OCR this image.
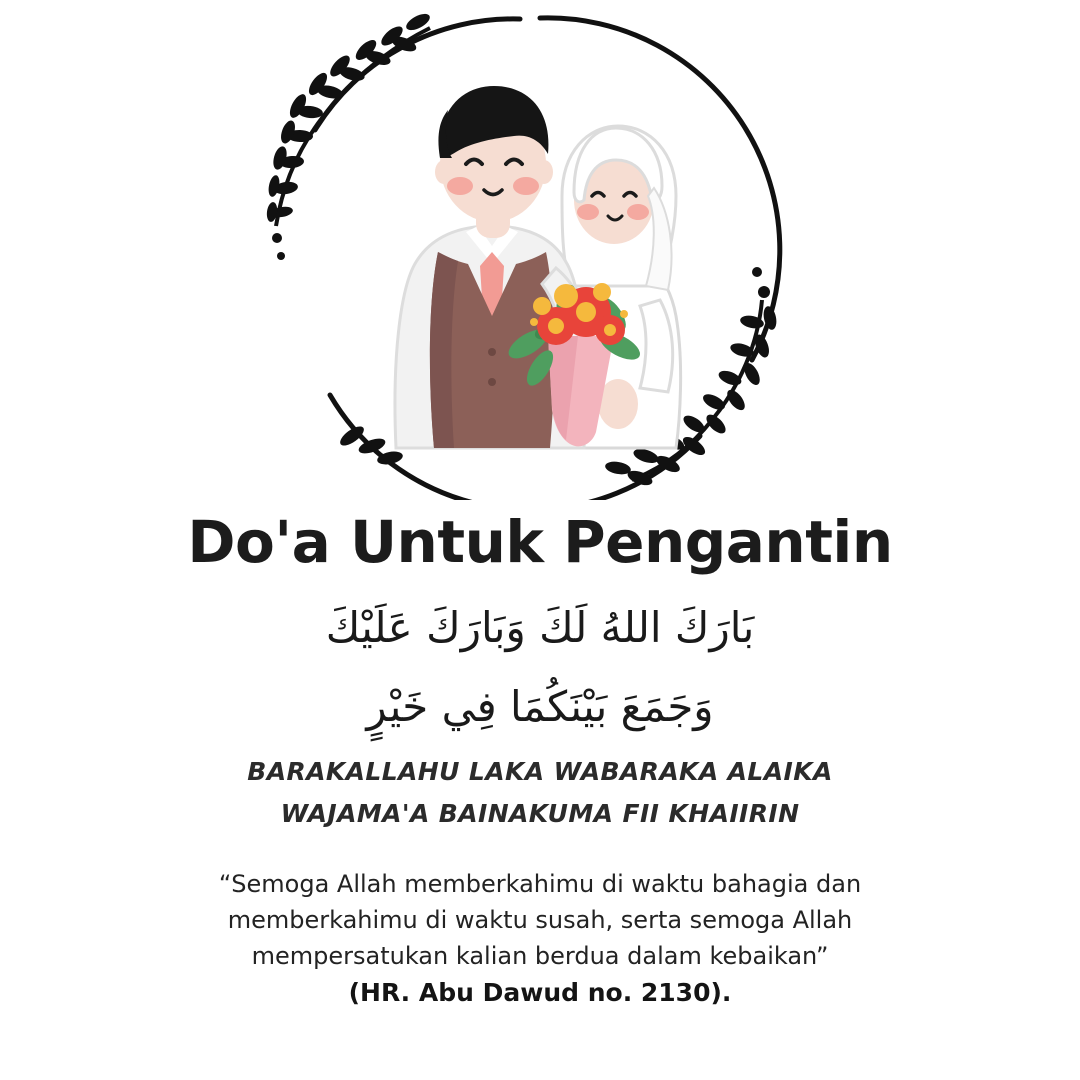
Do'a Untuk Pengantin

بَارَكَ اللهُ لَكَ وَبَارَكَ عَلَيْكَ

وَجَمَعَ بَيْنَكُمَا فِي خَيْرٍ

BARAKALLAHU LAKA WABARAKA ALAIKA

WAJAMA'A BAINAKUMA FII KHAIIRIN

“Semoga Allah memberkahimu di waktu bahagia dan memberkahimu di waktu susah, serta semoga Allah mempersatukan kalian berdua dalam kebaikan”

(HR. Abu Dawud no. 2130).
